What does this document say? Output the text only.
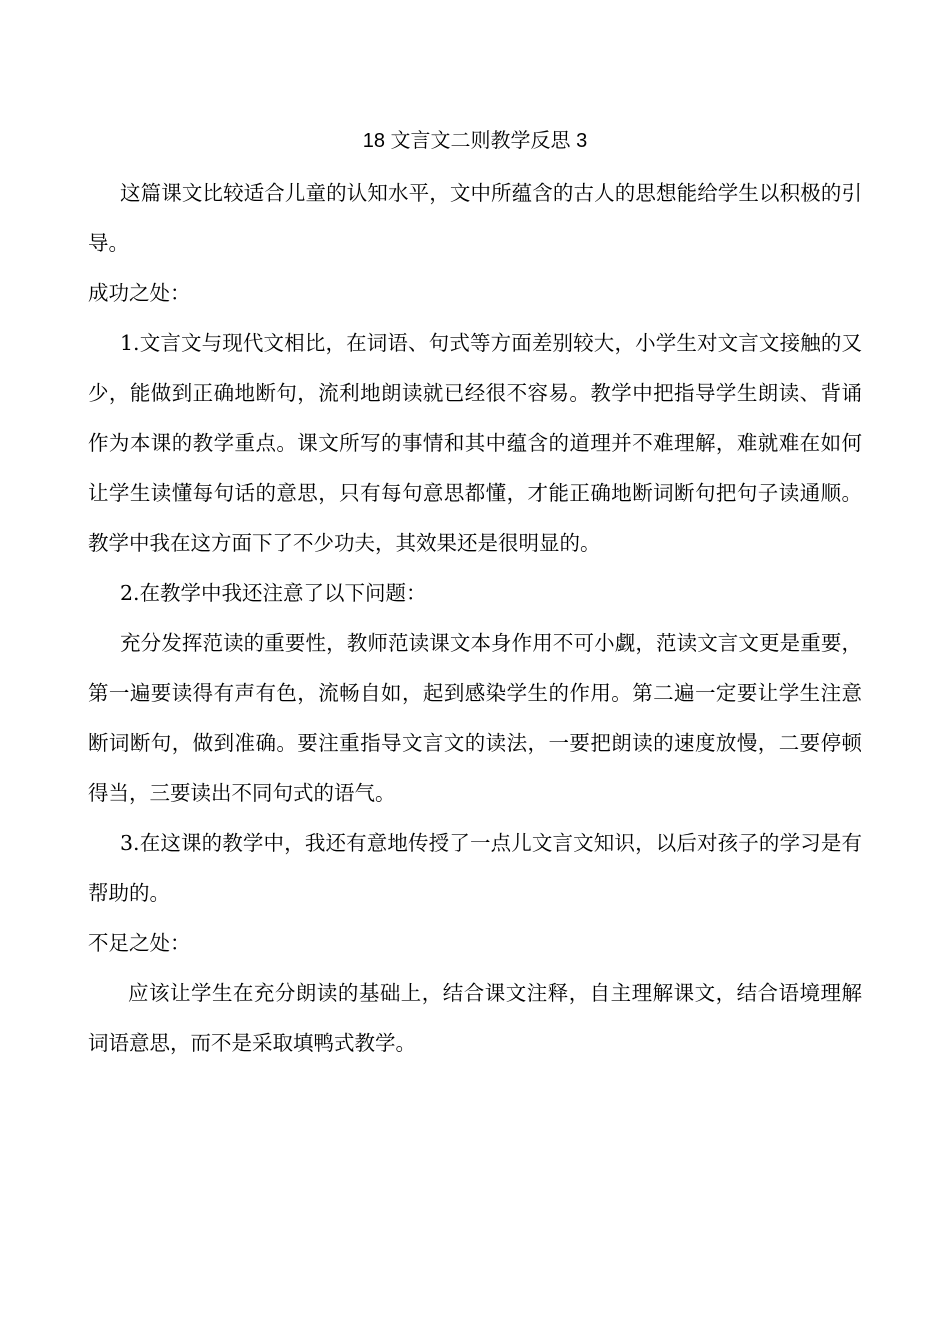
18 文言文二则教学反思 3

这篇课文比较适合儿童的认知水平，文中所蕴含的古人的思想能给学生以积极的引导。

成功之处：

1.文言文与现代文相比，在词语、句式等方面差别较大，小学生对文言文接触的又少，能做到正确地断句，流利地朗读就已经很不容易。教学中把指导学生朗读、背诵作为本课的教学重点。课文所写的事情和其中蕴含的道理并不难理解，难就难在如何让学生读懂每句话的意思，只有每句意思都懂，才能正确地断词断句把句子读通顺。教学中我在这方面下了不少功夫，其效果还是很明显的。

2.在教学中我还注意了以下问题：

充分发挥范读的重要性，教师范读课文本身作用不可小觑，范读文言文更是重要，第一遍要读得有声有色，流畅自如，起到感染学生的作用。第二遍一定要让学生注意断词断句，做到准确。要注重指导文言文的读法，一要把朗读的速度放慢，二要停顿得当，三要读出不同句式的语气。

3.在这课的教学中，我还有意地传授了一点儿文言文知识，以后对孩子的学习是有帮助的。

不足之处：

应该让学生在充分朗读的基础上，结合课文注释，自主理解课文，结合语境理解词语意思，而不是采取填鸭式教学。
